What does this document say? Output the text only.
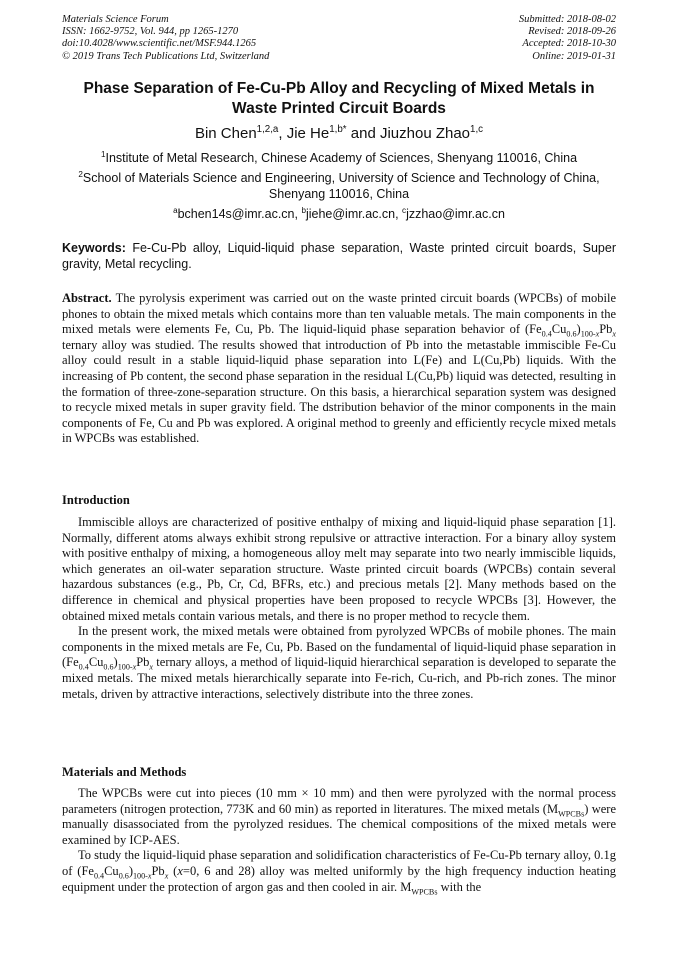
Materials Science Forum
ISSN: 1662-9752, Vol. 944, pp 1265-1270
doi:10.4028/www.scientific.net/MSF.944.1265
© 2019 Trans Tech Publications Ltd, Switzerland
Submitted: 2018-08-02
Revised: 2018-09-26
Accepted: 2018-10-30
Online: 2019-01-31
Phase Separation of Fe-Cu-Pb Alloy and Recycling of Mixed Metals in Waste Printed Circuit Boards
Bin Chen$^{1,2,a}$, Jie $He^{1,b*}$ and Jiuzhou Zhao$^{1,c}$
$^1$Institute of Metal Research, Chinese Academy of Sciences, Shenyang 110016, China
$^2$School of Materials Science and Engineering, University of Science and Technology of China, Shenyang 110016, China
$^a$bchen14s@imr.ac.cn, $^b$jiehe@imr.ac.cn, $^c$jzzhao@imr.ac.cn
Keywords: Fe-Cu-Pb alloy, Liquid-liquid phase separation, Waste printed circuit boards, Super gravity, Metal recycling.
Abstract. The pyrolysis experiment was carried out on the waste printed circuit boards (WPCBs) of mobile phones to obtain the mixed metals which contains more than ten valuable metals. The main components in the mixed metals were elements Fe, Cu, Pb. The liquid-liquid phase separation behavior of $(Fe_{0.4}Cu_{0.6})_{100-x}Pb_x$ ternary alloy was studied. The results showed that introduction of Pb into the metastable immiscible Fe-Cu alloy could result in a stable liquid-liquid phase separation into L(Fe) and L(Cu,Pb) liquids. With the increasing of Pb content, the second phase separation in the residual L(Cu,Pb) liquid was detected, resulting in the formation of three-zone-separation structure. On this basis, a hierarchical separation system was designed to recycle mixed metals in super gravity field. The dstribution behavior of the minor components in the main components of Fe, Cu and Pb was explored. A original method to greenly and efficiently recycle mixed metals in WPCBs was established.
Introduction

Immiscible alloys are characterized of positive enthalpy of mixing and liquid-liquid phase separation [1]. Normally, different atoms always exhibit strong repulsive or attractive interaction. For a binary alloy system with positive enthalpy of mixing, a homogeneous alloy melt may separate into two nearly immiscible liquids, which generates an oil-water separation structure. Waste printed circuit boards (WPCBs) contain several hazardous substances (e.g., Pb, Cr, Cd, BFRs, etc.) and precious metals [2]. Many methods based on the difference in chemical and physical properties have been proposed to recycle WPCBs [3]. However, the obtained mixed metals contain various metals, and there is no proper method to recycle them.

In the present work, the mixed metals were obtained from pyrolyzed WPCBs of mobile phones. The main components in the mixed metals are Fe, Cu, Pb. Based on the fundamental of liquid-liquid phase separation in $(Fe_{0.4}Cu_{0.6})_{100-x}Pb_x$ ternary alloys, a method of liquid-liquid hierarchical separation is developed to separate the mixed metals. The mixed metals hierarchically separate into Fe-rich, Cu-rich, and Pb-rich zones. The minor metals, driven by attractive interactions, selectively distribute into the three zones.

Materials and Methods

The WPCBs were cut into pieces (10 mm × 10 mm) and then were pyrolyzed with the normal process parameters (nitrogen protection, 773K and 60 min) as reported in literatures. The mixed metals $(M_{WPCBs})$ were manually disassociated from the pyrolyzed residues. The chemical compositions of the mixed metals were examined by ICP-AES.

To study the liquid-liquid phase separation and solidification characteristics of Fe-Cu-Pb ternary alloy, 0.1g of $(Fe_{0.4}Cu_{0.6})_{100-x}Pb_x$ (x=0, 6 and 28) alloy was melted uniformly by the high frequency induction heating equipment under the protection of argon gas and then cooled in air. $M_{WPCBs}$ with the
